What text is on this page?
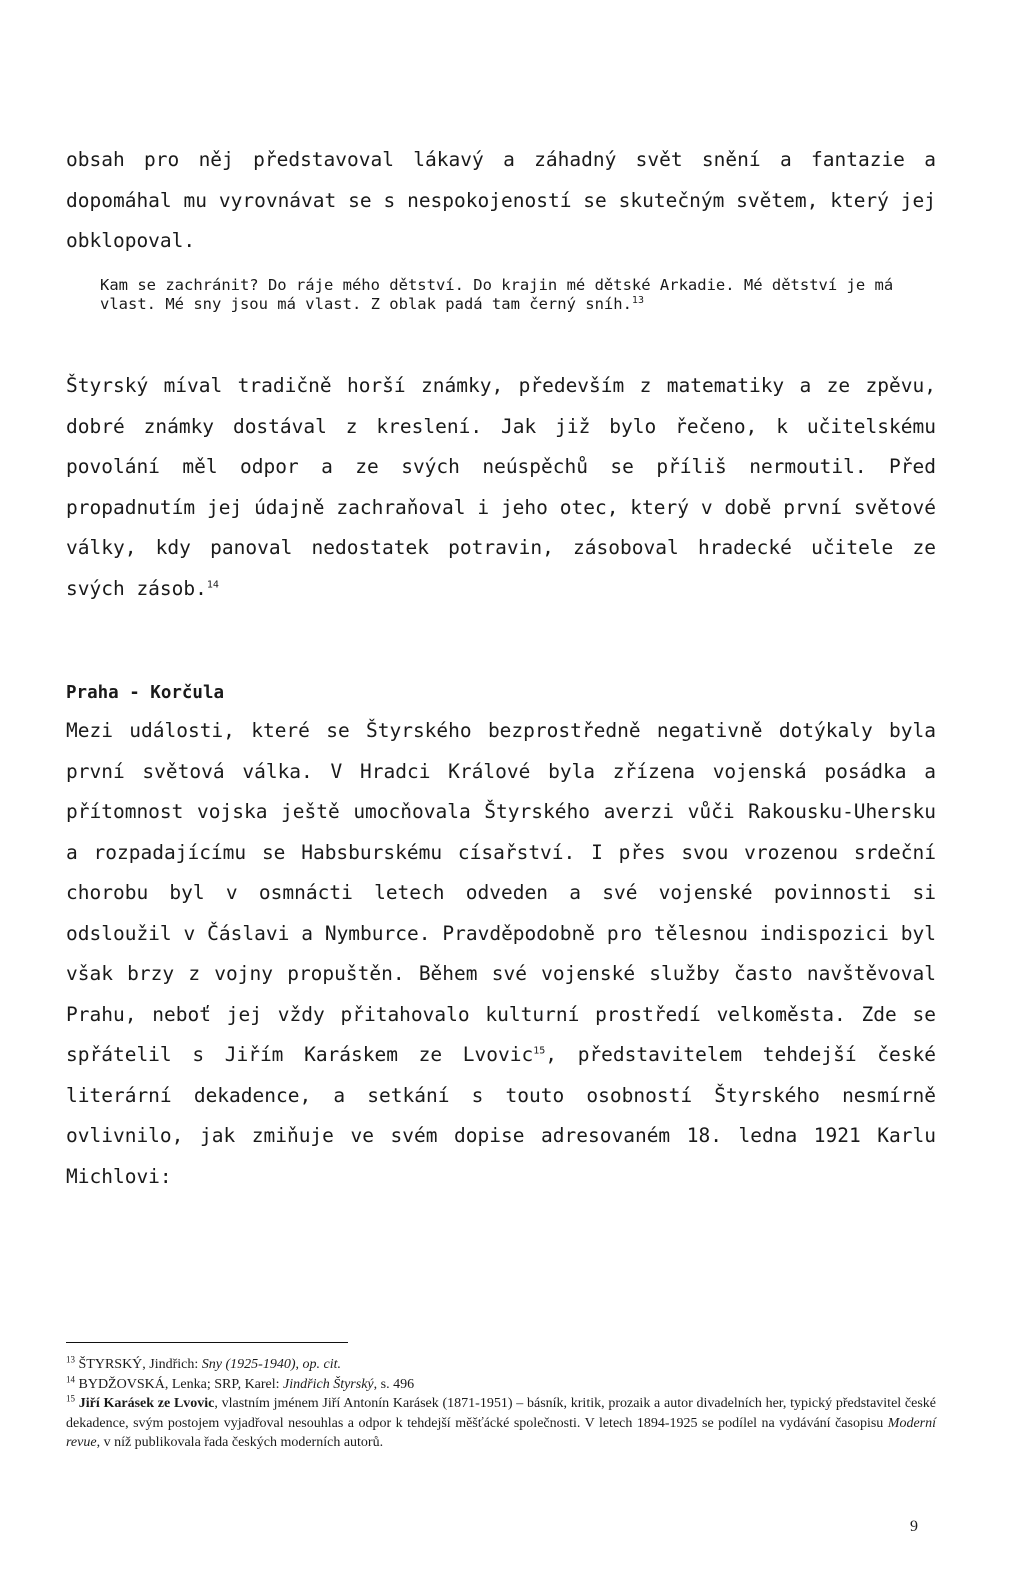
obsah pro něj představoval lákavý a záhadný svět snění a fantazie a dopomáhal mu vyrovnávat se s nespokojeností se skutečným světem, který jej obklopoval.

Kam se zachránit? Do ráje mého dětství. Do krajin mé dětské Arkadie. Mé dětství je má vlast. Mé sny jsou má vlast. Z oblak padá tam černý sníh.$^{13}$

Štyrský míval tradičně horší známky, především z matematiky a ze zpěvu, dobré známky dostával z kreslení. Jak již bylo řečeno, k učitelskému povolání měl odpor a ze svých neúspěchů se příliš nermoutil. Před propadnutím jej údajně zachraňoval i jeho otec, který v době první světové války, kdy panoval nedostatek potravin, zásoboval hradecké učitele ze svých zásob.$^{14}$

Praha - Korčula

Mezi události, které se Štyrského bezprostředně negativně dotýkaly byla první světová válka. V Hradci Králové byla zřízena vojenská posádka a přítomnost vojska ještě umocňovala Štyrského averzi vůči Rakousku-Uhersku a rozpadajícímu se Habsburskému císařství. I přes svou vrozenou srdeční chorobu byl v osmnácti letech odveden a své vojenské povinnosti si odsloužil v Čáslavi a Nymburce. Pravděpodobně pro tělesnou indispozici byl však brzy z vojny propuštěn. Během své vojenské služby často navštěvoval Prahu, neboť jej vždy přitahovalo kulturní prostředí velkoměsta. Zde se spřátelil s Jiřím Karáskem ze Lvovic$^{15}$, představitelem tehdejší české literární dekadence, a setkání s touto osobností Štyrského nesmírně ovlivnilo, jak zmiňuje ve svém dopise adresovaném 18. ledna 1921 Karlu Michlovi:

$^{13}$ ŠTYRSKÝ, Jindřich: Sny (1925-1940), op. cit.

$^{14}$ BYDŽOVSKÁ, Lenka; SRP, Karel: Jindřich Štyrský, s. 496

$^{15}$ Jiří Karásek ze Lvovic, vlastním jménem Jiří Antonín Karásek (1871-1951) – básník, kritik, prozaik a autor divadelních her, typický představitel české dekadence, svým postojem vyjadřoval nesouhlas a odpor k tehdejší měšťácké společnosti. V letech 1894-1925 se podílel na vydávání časopisu Moderní revue, v níž publikovala řada českých moderních autorů.

9
